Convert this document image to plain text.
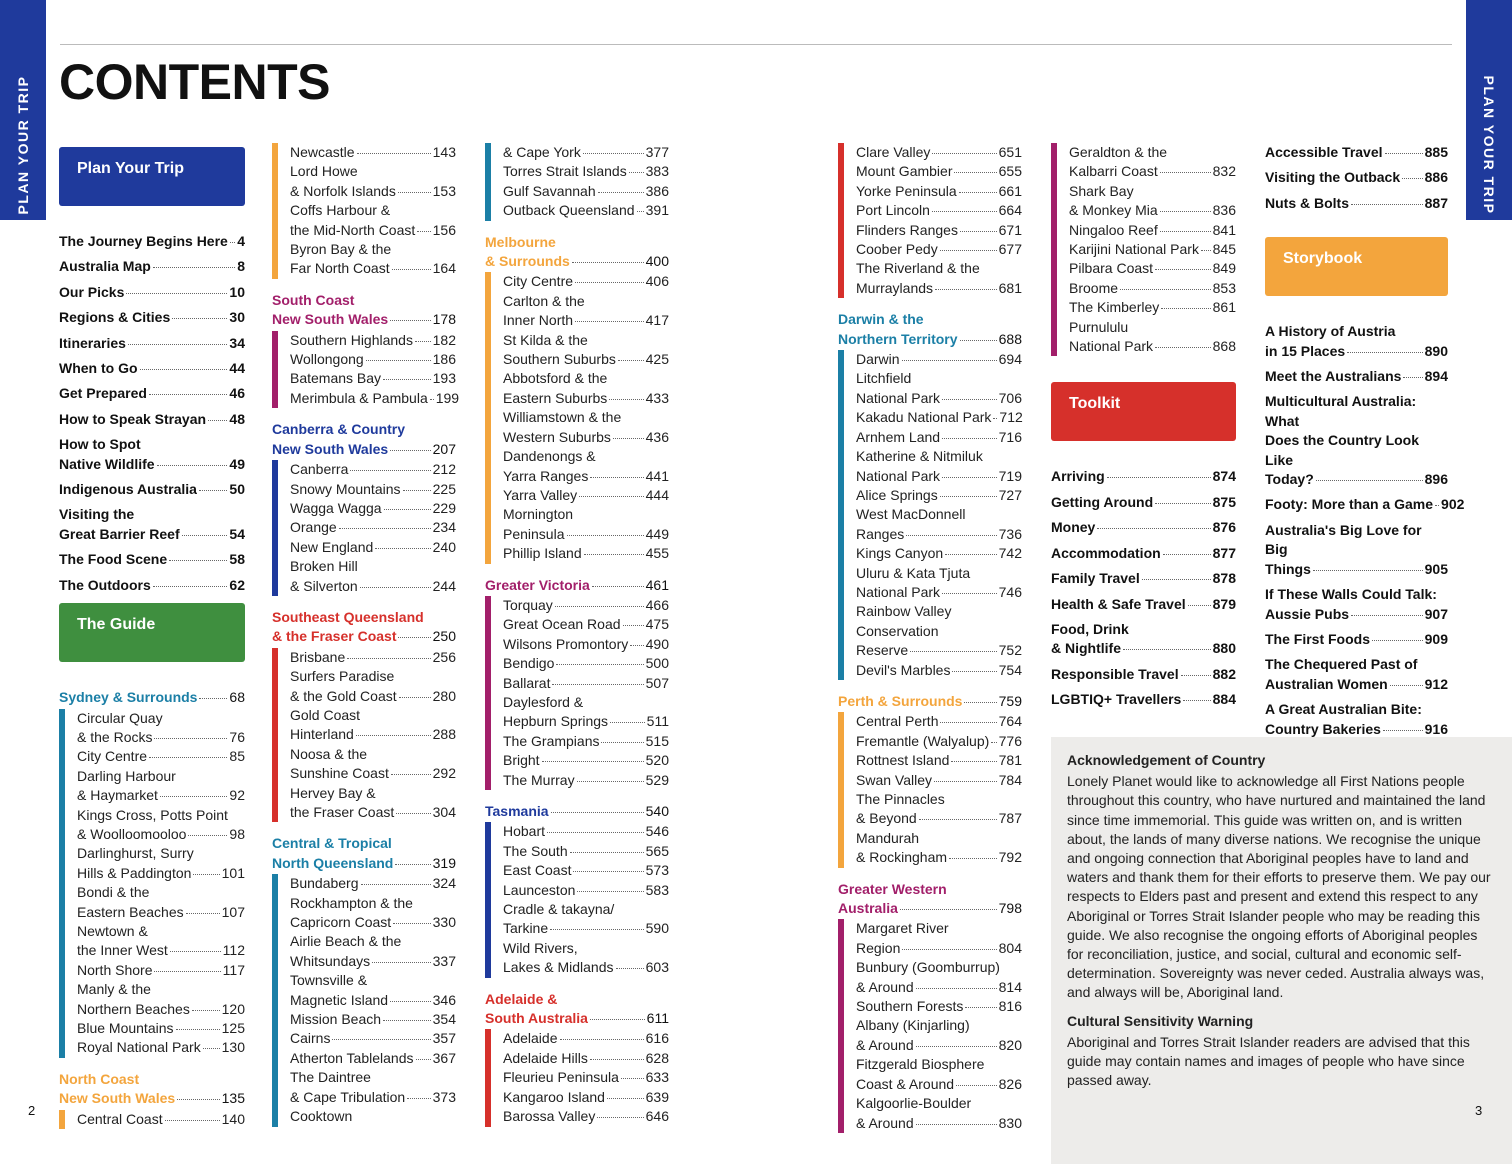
PLAN YOUR TRIP	PLAN YOUR TRIP
CONTENTS
Plan Your Trip
The Journey Begins Here 4
Australia Map	8
Our Picks	10
Regions & Cities	30
Itineraries	34
When to Go	44
Get Prepared	46
How to Speak Strayan 48
How to Spot
Native Wildlife	49
Indigenous Australia 50
Visiting the
Great Barrier Reef	54
The Food Scene	58
The Outdoors	62
The Guide
Sydney & Surrounds 68
Circular Quay
& the Rocks	76
City Centre	85
Darling Harbour
& Haymarket	92
Kings Cross, Potts Point
& Woolloomooloo	98
Darlinghurst, Surry
Hills & Paddington 101
Bondi & the
Eastern Beaches	107
Newtown &
the Inner West	112
North Shore	117
Manly & the
Northern Beaches 120
Blue Mountains	125
Royal National Park 130
North Coast
New South Wales	135
Central Coast	140
Newcastle	143
Lord Howe
& Norfolk Islands	153
Coffs Harbour &
the Mid-North Coast 156
Byron Bay & the
Far North Coast	164
South Coast
New South Wales	178
Southern Highlands 182
Wollongong	186
Batemans Bay	193
Merimbula & Pambula 199
Canberra & Country
New South Wales	207
Canberra	212
Snowy Mountains 225
Wagga Wagga	229
Orange	234
New England	240
Broken Hill
& Silverton	244
Southeast Queensland
& the Fraser Coast	250
Brisbane	256
Surfers Paradise
& the Gold Coast	280
Gold Coast
Hinterland	288
Noosa & the
Sunshine Coast	292
Hervey Bay &
the Fraser Coast	304
Central & Tropical
North Queensland	319
Bundaberg	324
Rockhampton & the
Capricorn Coast	330
Airlie Beach & the
Whitsundays	337
Townsville &
Magnetic Island	346
Mission Beach	354
Cairns	357
Atherton Tablelands 367
The Daintree
& Cape Tribulation 373
Cooktown
& Cape York	377
Torres Strait Islands 383
Gulf Savannah	386
Outback Queensland 391
Melbourne
& Surrounds	400
City Centre	406
Carlton & the
Inner North	417
St Kilda & the
Southern Suburbs 425
Abbotsford & the
Eastern Suburbs	433
Williamstown & the
Western Suburbs 436
Dandenongs &
Yarra Ranges	441
Yarra Valley	444
Mornington
Peninsula	449
Phillip Island	455
Greater Victoria	461
Torquay	466
Great Ocean Road 475
Wilsons Promontory 490
Bendigo	500
Ballarat	507
Daylesford &
Hepburn Springs	511
The Grampians	515
Bright	520
The Murray	529
Tasmania	540
Hobart	546
The South	565
East Coast	573
Launceston	583
Cradle & takayna/
Tarkine	590
Wild Rivers,
Lakes & Midlands 603
Adelaide &
South Australia	611
Adelaide	616
Adelaide Hills	628
Fleurieu Peninsula 633
Kangaroo Island	639
Barossa Valley	646
Clare Valley	651
Mount Gambier	655
Yorke Peninsula	661
Port Lincoln	664
Flinders Ranges	671
Coober Pedy	677
The Riverland & the
Murraylands	681
Darwin & the
Northern Territory	688
Darwin	694
Litchfield
National Park	706
Kakadu National Park 712
Arnhem Land	716
Katherine & Nitmiluk
National Park	719
Alice Springs	727
West MacDonnell
Ranges	736
Kings Canyon	742
Uluru & Kata Tjuta
National Park	746
Rainbow Valley
Conservation
Reserve	752
Devil's Marbles	754
Perth & Surrounds	759
Central Perth	764
Fremantle (Walyalup) 776
Rottnest Island	781
Swan Valley	784
The Pinnacles
& Beyond	787
Mandurah
& Rockingham	792
Greater Western
Australia	798
Margaret River
Region	804
Bunbury (Goomburrup)
& Around	814
Southern Forests	816
Albany (Kinjarling)
& Around	820
Fitzgerald Biosphere
Coast & Around	826
Kalgoorlie-Boulder
& Around	830
Geraldton & the
Kalbarri Coast	832
Shark Bay
& Monkey Mia	836
Ningaloo Reef	841
Karijini National Park 845
Pilbara Coast	849
Broome	853
The Kimberley	861
Purnululu
National Park	868
Toolkit
Arriving	874
Getting Around	875
Money	876
Accommodation	877
Family Travel	878
Health & Safe Travel 879
Food, Drink
& Nightlife	880
Responsible Travel 882
LGBTIQ+ Travellers 884
Accessible Travel	885
Visiting the Outback 886
Nuts & Bolts	887
Storybook
A History of Austria
in 15 Places	890
Meet the Australians 894
Multicultural Australia: What
Does the Country Look Like
Today?	896
Footy: More than a Game 902
Australia's Big Love for Big
Things	905
If These Walls Could Talk:
Aussie Pubs	907
The First Foods	909
The Chequered Past of
Australian Women	912
A Great Australian Bite:
Country Bakeries	916
Acknowledgement of Country

Lonely Planet would like to acknowledge all First Nations people throughout this country, who have nurtured and maintained the land since time immemorial. This guide was written on, and is written about, the lands of many diverse nations. We recognise the unique and ongoing connection that Aboriginal peoples have to land and waters and thank them for their efforts to preserve them. We pay our respects to Elders past and present and extend this respect to any Aboriginal or Torres Strait Islander people who may be reading this guide. We also recognise the ongoing efforts of Aboriginal peoples for reconciliation, justice, and social, cultural and economic self-determination. Sovereignty was never ceded. Australia always was, and always will be, Aboriginal land.

Cultural Sensitivity Warning

Aboriginal and Torres Strait Islander readers are advised that this guide may contain names and images of people who have since passed away.

2	3
